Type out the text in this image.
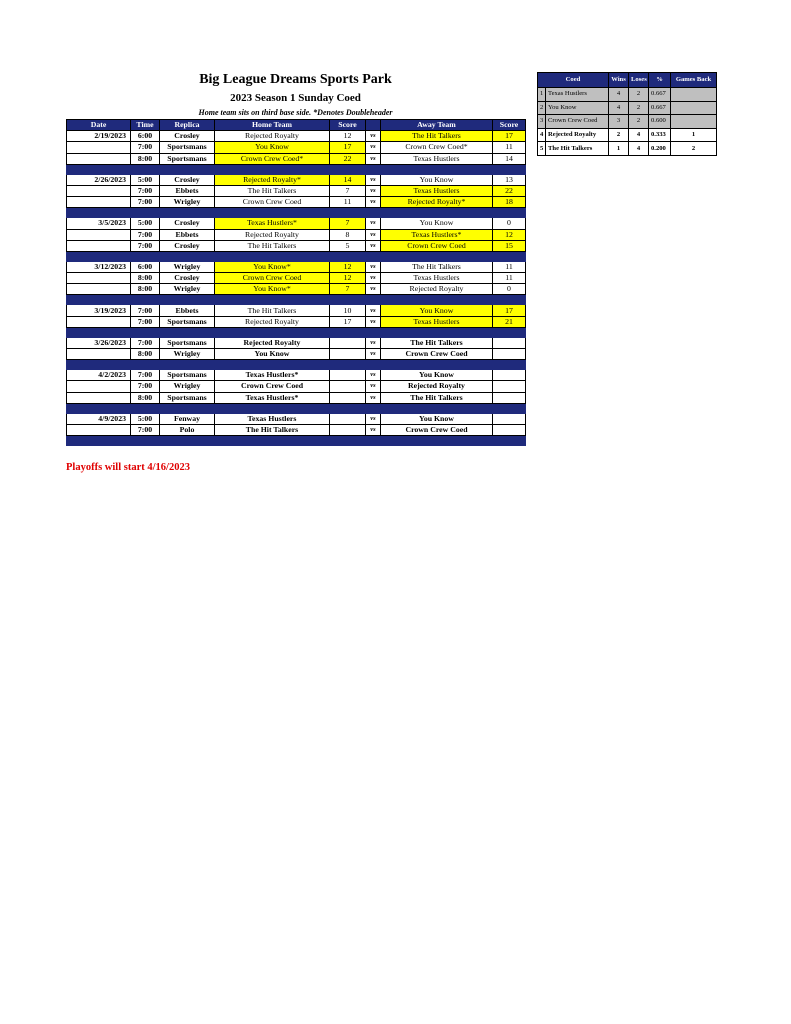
Big League Dreams Sports Park
2023 Season 1 Sunday Coed
Home team sits on third base side. *Denotes Doubleheader
Date	Time	Replica	Home Team	Score		Away Team	Score
2/19/2023	6:00	Crosley	Rejected Royalty	12	vs	The Hit Talkers	17
	7:00	Sportsmans	You Know	17	vs	Crown Crew Coed*	11
	8:00	Sportsmans	Crown Crew Coed*	22	vs	Texas Hustlers	14

2/26/2023	5:00	Crosley	Rejected Royalty*	14	vs	You Know	13
	7:00	Ebbets	The Hit Talkers	7	vs	Texas Hustlers	22
	7:00	Wrigley	Crown Crew Coed	11	vs	Rejected Royalty*	18

3/5/2023	5:00	Crosley	Texas Hustlers*	7	vs	You Know	0
	7:00	Ebbets	Rejected Royalty	8	vs	Texas Hustlers*	12
	7:00	Crosley	The Hit Talkers	5	vs	Crown Crew Coed	15

3/12/2023	6:00	Wrigley	You Know*	12	vs	The Hit Talkers	11
	8:00	Crosley	Crown Crew Coed	12	vs	Texas Hustlers	11
	8:00	Wrigley	You Know*	7	vs	Rejected Royalty	0

3/19/2023	7:00	Ebbets	The Hit Talkers	10	vs	You Know	17
	7:00	Sportsmans	Rejected Royalty	17	vs	Texas Hustlers	21

3/26/2023	7:00	Sportsmans	Rejected Royalty		vs	The Hit Talkers	
	8:00	Wrigley	You Know		vs	Crown Crew Coed	

4/2/2023	7:00	Sportsmans	Texas Hustlers*		vs	You Know	
	7:00	Wrigley	Crown Crew Coed		vs	Rejected Royalty	
	8:00	Sportsmans	Texas Hustlers*		vs	The Hit Talkers	

4/9/2023	5:00	Fenway	Texas Hustlers		vs	You Know	
	7:00	Polo	The Hit Talkers		vs	Crown Crew Coed	

Coed		Wins	Loses	%	Games Back
1	Texas Hustlers	4	2	0.667	
2	You Know	4	2	0.667	
3	Crown Crew Coed	3	2	0.600	
4	Rejected Royalty	2	4	0.333	1
5	The Hit Talkers	1	4	0.200	2
Playoffs will start 4/16/2023
